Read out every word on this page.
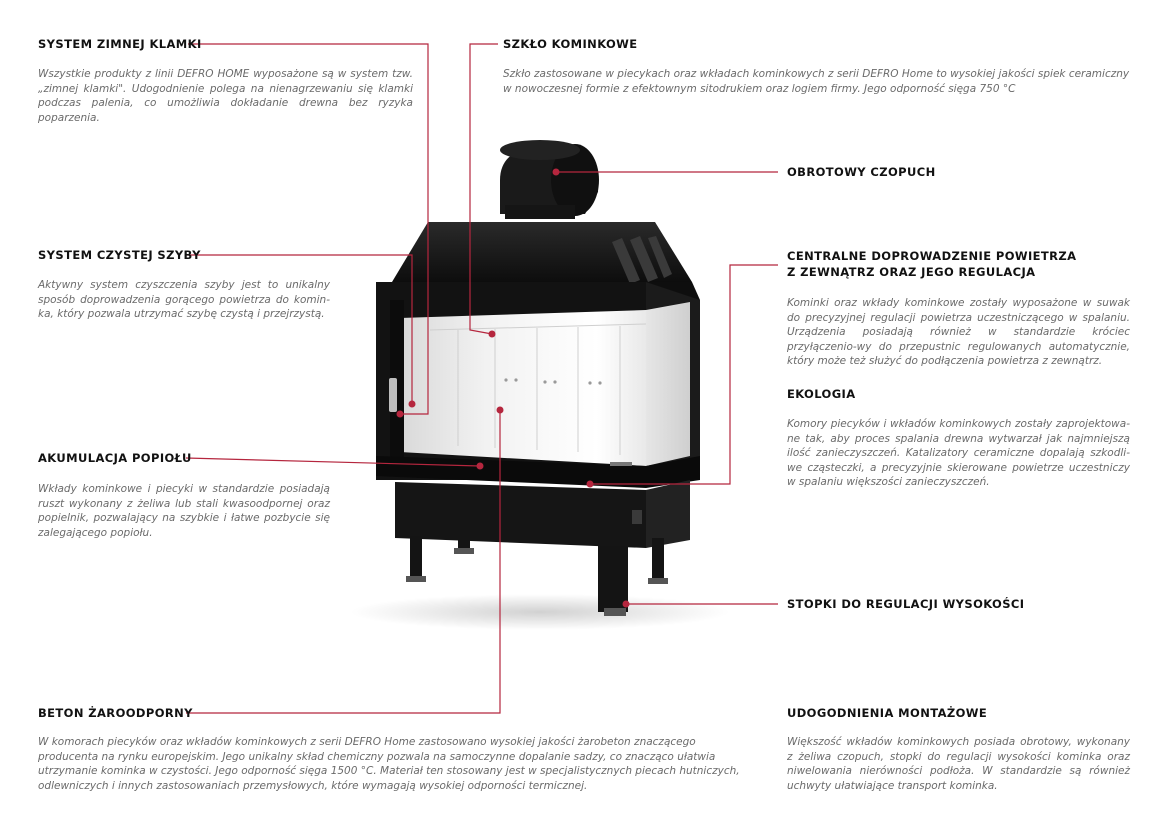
SYSTEM ZIMNEJ KLAMKI
Wszystkie produkty z linii DEFRO HOME wyposażone są w system tzw. „zimnej klamki". Udogodnienie polega na nienagrzewaniu się klamki podczas palenia, co umożliwia dokładanie drewna bez ryzyka poparzenia.
SZKŁO KOMINKOWE
Szkło zastosowane w piecykach oraz wkładach kominkowych z serii DEFRO Home to wysokiej jakości spiek ceramiczny w nowoczesnej formie z efektownym sitodrukiem oraz logiem firmy. Jego odporność sięga 750 °C
OBROTOWY CZOPUCH
SYSTEM CZYSTEJ SZYBY
Aktywny system czyszczenia szyby jest to unikalny sposób doprowadzenia gorącego powietrza do komin-ka, który pozwala utrzymać szybę czystą i przejrzystą.
CENTRALNE DOPROWADZENIE POWIETRZA
Z ZEWNĄTRZ ORAZ JEGO REGULACJA
Kominki oraz wkłady kominkowe zostały wyposażone w suwak do precyzyjnej regulacji powietrza uczestniczącego w spalaniu. Urządzenia posiadają również w standardzie króciec przyłączenio-wy do przepustnic regulowanych automatycznie, który może też służyć do podłączenia powietrza z zewnątrz.
EKOLOGIA
Komory piecyków i wkładów kominkowych zostały zaprojektowa-ne tak, aby proces spalania drewna wytwarzał jak najmniejszą ilość zanieczyszczeń. Katalizatory ceramiczne dopalają szkodli-we cząsteczki, a precyzyjnie skierowane powietrze uczestniczy w spalaniu większości zanieczyszczeń.
AKUMULACJA POPIOŁU
Wkłady kominkowe i piecyki w standardzie posiadają ruszt wykonany z żeliwa lub stali kwasoodpornej oraz popielnik, pozwalający na szybkie i łatwe pozbycie się zalegającego popiołu.
STOPKI DO REGULACJI WYSOKOŚCI
BETON ŻAROODPORNY
W komorach piecyków oraz wkładów kominkowych z serii DEFRO Home zastosowano wysokiej jakości żarobeton znaczącego producenta na rynku europejskim. Jego unikalny skład chemiczny pozwala na samoczynne dopalanie sadzy, co znacząco ułatwia utrzymanie kominka w czystości. Jego odporność sięga 1500 °C. Materiał ten stosowany jest w specjalistycznych piecach hutniczych, odlewniczych i innych zastosowaniach przemysłowych, które wymagają wysokiej odporności termicznej.
UDOGODNIENIA MONTAŻOWE
Większość wkładów kominkowych posiada obrotowy, wykonany z żeliwa czopuch, stopki do regulacji wysokości kominka oraz niwelowania nierówności podłoża. W standardzie są również uchwyty ułatwiające transport kominka.
